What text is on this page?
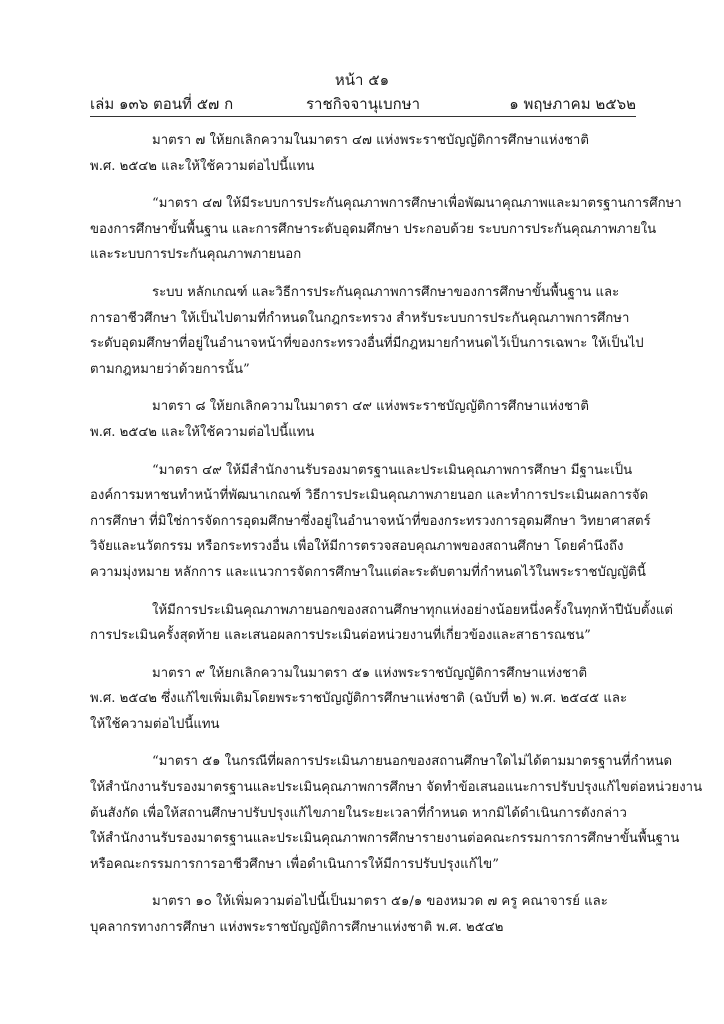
หน้า ๕๑
ราชกิจจานุเบกษา
เล่ม ๑๓๖ ตอนที่ ๕๗ ก	๑ พฤษภาคม ๒๕๖๒

มาตรา ๗ ให้ยกเลิกความในมาตรา ๔๗ แห่งพระราชบัญญัติการศึกษาแห่งชาติ
พ.ศ. ๒๕๔๒ และให้ใช้ความต่อไปนี้แทน

“มาตรา ๔๗ ให้มีระบบการประกันคุณภาพการศึกษาเพื่อพัฒนาคุณภาพและมาตรฐานการศึกษา
ของการศึกษาขั้นพื้นฐาน และการศึกษาระดับอุดมศึกษา ประกอบด้วย ระบบการประกันคุณภาพภายใน
และระบบการประกันคุณภาพภายนอก

ระบบ หลักเกณฑ์ และวิธีการประกันคุณภาพการศึกษาของการศึกษาขั้นพื้นฐาน และ
การอาชีวศึกษา ให้เป็นไปตามที่กำหนดในกฎกระทรวง สำหรับระบบการประกันคุณภาพการศึกษา
ระดับอุดมศึกษาที่อยู่ในอำนาจหน้าที่ของกระทรวงอื่นที่มีกฎหมายกำหนดไว้เป็นการเฉพาะ ให้เป็นไป
ตามกฎหมายว่าด้วยการนั้น”

มาตรา ๘ ให้ยกเลิกความในมาตรา ๔๙ แห่งพระราชบัญญัติการศึกษาแห่งชาติ
พ.ศ. ๒๕๔๒ และให้ใช้ความต่อไปนี้แทน

“มาตรา ๔๙ ให้มีสำนักงานรับรองมาตรฐานและประเมินคุณภาพการศึกษา มีฐานะเป็น
องค์การมหาชนทำหน้าที่พัฒนาเกณฑ์ วิธีการประเมินคุณภาพภายนอก และทำการประเมินผลการจัด
การศึกษา ที่มิใช่การจัดการอุดมศึกษาซึ่งอยู่ในอำนาจหน้าที่ของกระทรวงการอุดมศึกษา วิทยาศาสตร์
วิจัยและนวัตกรรม หรือกระทรวงอื่น เพื่อให้มีการตรวจสอบคุณภาพของสถานศึกษา โดยคำนึงถึง
ความมุ่งหมาย หลักการ และแนวการจัดการศึกษาในแต่ละระดับตามที่กำหนดไว้ในพระราชบัญญัตินี้

ให้มีการประเมินคุณภาพภายนอกของสถานศึกษาทุกแห่งอย่างน้อยหนึ่งครั้งในทุกห้าปีนับตั้งแต่
การประเมินครั้งสุดท้าย และเสนอผลการประเมินต่อหน่วยงานที่เกี่ยวข้องและสาธารณชน”

มาตรา ๙ ให้ยกเลิกความในมาตรา ๕๑ แห่งพระราชบัญญัติการศึกษาแห่งชาติ
พ.ศ. ๒๕๔๒ ซึ่งแก้ไขเพิ่มเติมโดยพระราชบัญญัติการศึกษาแห่งชาติ (ฉบับที่ ๒) พ.ศ. ๒๕๔๕ และ
ให้ใช้ความต่อไปนี้แทน

“มาตรา ๕๑ ในกรณีที่ผลการประเมินภายนอกของสถานศึกษาใดไม่ได้ตามมาตรฐานที่กำหนด
ให้สำนักงานรับรองมาตรฐานและประเมินคุณภาพการศึกษา จัดทำข้อเสนอแนะการปรับปรุงแก้ไขต่อหน่วยงาน
ต้นสังกัด เพื่อให้สถานศึกษาปรับปรุงแก้ไขภายในระยะเวลาที่กำหนด หากมิได้ดำเนินการดังกล่าว
ให้สำนักงานรับรองมาตรฐานและประเมินคุณภาพการศึกษารายงานต่อคณะกรรมการการศึกษาขั้นพื้นฐาน
หรือคณะกรรมการการอาชีวศึกษา เพื่อดำเนินการให้มีการปรับปรุงแก้ไข”

มาตรา ๑๐ ให้เพิ่มความต่อไปนี้เป็นมาตรา ๕๑/๑ ของหมวด ๗ ครู คณาจารย์ และ
บุคลากรทางการศึกษา แห่งพระราชบัญญัติการศึกษาแห่งชาติ พ.ศ. ๒๕๔๒
